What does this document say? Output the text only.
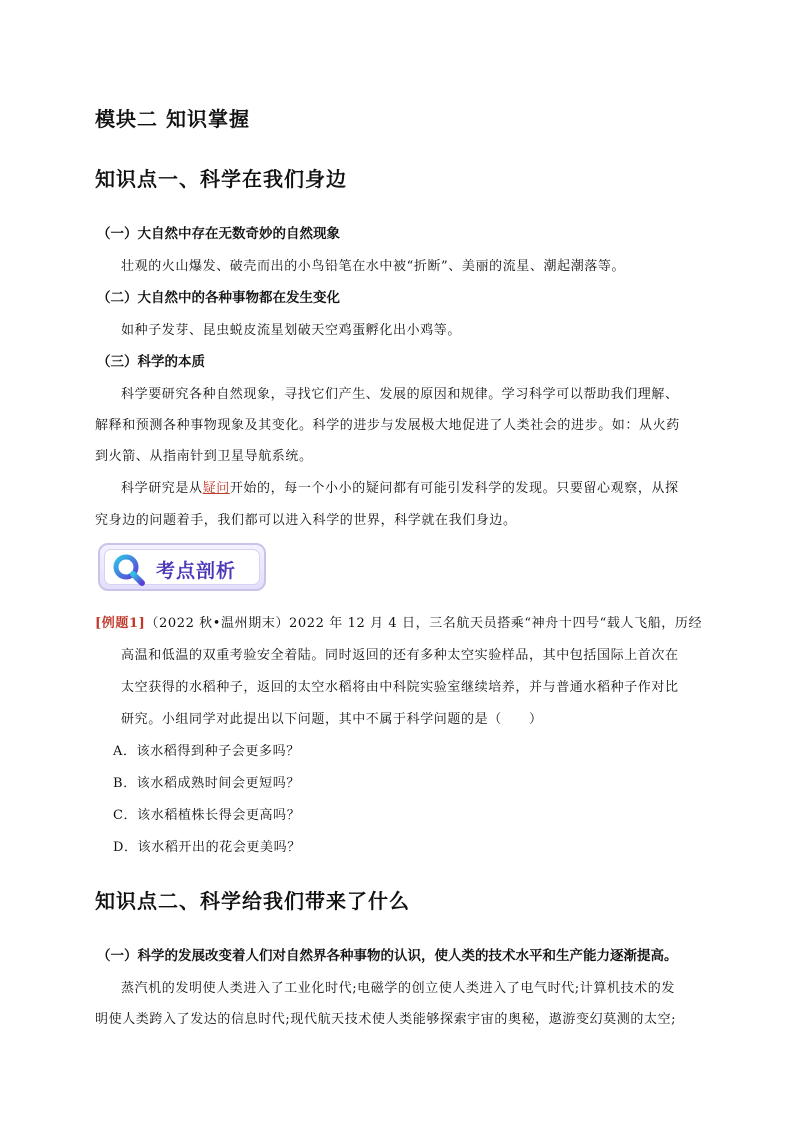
模块二 知识掌握
知识点一、科学在我们身边
（一）大自然中存在无数奇妙的自然现象
壮观的火山爆发、破壳而出的小鸟铅笔在水中被“折断”、美丽的流星、潮起潮落等。
（二）大自然中的各种事物都在发生变化
如种子发芽、昆虫蜕皮流星划破天空鸡蛋孵化出小鸡等。
（三）科学的本质
科学要研究各种自然现象，寻找它们产生、发展的原因和规律。学习科学可以帮助我们理解、
解释和预测各种事物现象及其变化。科学的进步与发展极大地促进了人类社会的进步。如：从火药
到火箭、从指南针到卫星导航系统。
科学研究是从疑问开始的，每一个小小的疑问都有可能引发科学的发现。只要留心观察，从探
究身边的问题着手，我们都可以进入科学的世界，科学就在我们身边。
考点剖析
[例题1]（2022 秋•温州期末）2022 年 12 月 4 日，三名航天员搭乘“神舟十四号“载人飞船，历经
高温和低温的双重考验安全着陆。同时返回的还有多种太空实验样品，其中包括国际上首次在
太空获得的水稻种子，返回的太空水稻将由中科院实验室继续培养，并与普通水稻种子作对比
研究。小组同学对此提出以下问题，其中不属于科学问题的是（　　）
A．该水稻得到种子会更多吗？
B．该水稻成熟时间会更短吗？
C．该水稻植株长得会更高吗？
D．该水稻开出的花会更美吗？
知识点二、科学给我们带来了什么
（一）科学的发展改变着人们对自然界各种事物的认识，使人类的技术水平和生产能力逐渐提高。
蒸汽机的发明使人类进入了工业化时代;电磁学的创立使人类进入了电气时代;计算机技术的发
明使人类跨入了发达的信息时代;现代航天技术使人类能够探索宇宙的奥秘，遨游变幻莫测的太空;
